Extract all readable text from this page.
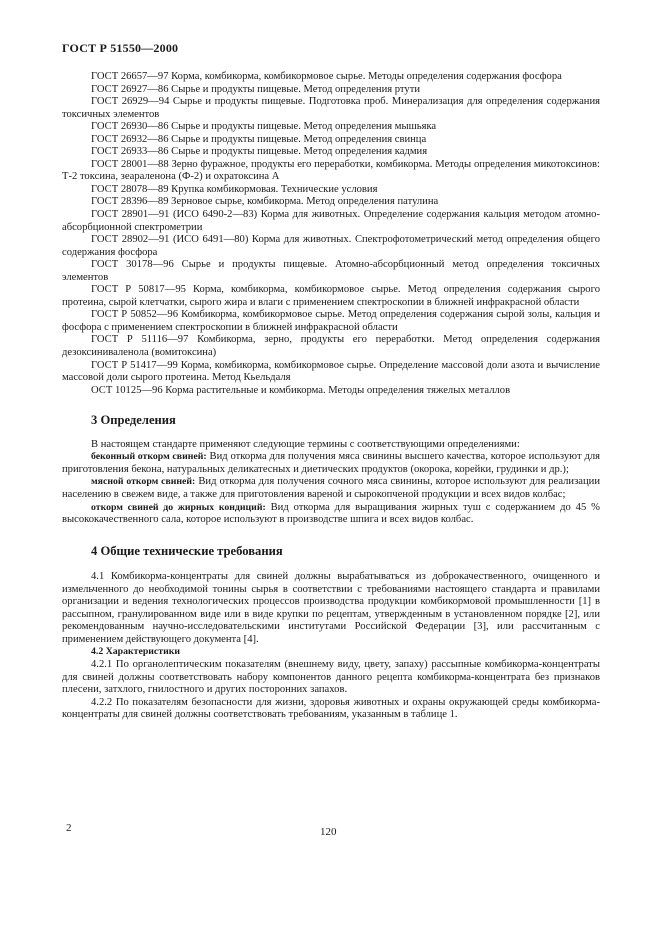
ГОСТ Р 51550—2000

ГОСТ 26657—97 Корма, комбикорма, комбикормовое сырье. Методы определения содержания фосфора

ГОСТ 26927—86 Сырье и продукты пищевые. Метод определения ртути

ГОСТ 26929—94 Сырье и продукты пищевые. Подготовка проб. Минерализация для определения содержания токсичных элементов

ГОСТ 26930—86 Сырье и продукты пищевые. Метод определения мышьяка

ГОСТ 26932—86 Сырье и продукты пищевые. Метод определения свинца

ГОСТ 26933—86 Сырье и продукты пищевые. Метод определения кадмия

ГОСТ 28001—88 Зерно фуражное, продукты его переработки, комбикорма. Методы определения микотоксинов: Т-2 токсина, зеараленона (Ф-2) и охратоксина А

ГОСТ 28078—89 Крупка комбикормовая. Технические условия

ГОСТ 28396—89 Зерновое сырье, комбикорма. Метод определения патулина

ГОСТ 28901—91 (ИСО 6490-2—83) Корма для животных. Определение содержания кальция методом атомно-абсорбционной спектрометрии

ГОСТ 28902—91 (ИСО 6491—80) Корма для животных. Спектрофотометрический метод определения общего содержания фосфора

ГОСТ 30178—96 Сырье и продукты пищевые. Атомно-абсорбционный метод определения токсичных элементов

ГОСТ Р 50817—95 Корма, комбикорма, комбикормовое сырье. Метод определения содержания сырого протеина, сырой клетчатки, сырого жира и влаги с применением спектроскопии в ближней инфракрасной области

ГОСТ Р 50852—96 Комбикорма, комбикормовое сырье. Метод определения содержания сырой золы, кальция и фосфора с применением спектроскопии в ближней инфракрасной области

ГОСТ Р 51116—97 Комбикорма, зерно, продукты его переработки. Метод определения содержания дезоксиниваленола (вомитоксина)

ГОСТ Р 51417—99 Корма, комбикорма, комбикормовое сырье. Определение массовой доли азота и вычисление массовой доли сырого протеина. Метод Кьельдаля

ОСТ 10125—96 Корма растительные и комбикорма. Методы определения тяжелых металлов

3 Определения

В настоящем стандарте применяют следующие термины с соответствующими определениями:

беконный откорм свиней: Вид откорма для получения мяса свинины высшего качества, которое используют для приготовления бекона, натуральных деликатесных и диетических продуктов (окорока, корейки, грудинки и др.);

мясной откорм свиней: Вид откорма для получения сочного мяса свинины, которое используют для реализации населению в свежем виде, а также для приготовления вареной и сырокопченой продукции и всех видов колбас;

откорм свиней до жирных кондиций: Вид откорма для выращивания жирных туш с содержанием до 45 % высококачественного сала, которое используют в производстве шпига и всех видов колбас.

4 Общие технические требования

4.1 Комбикорма-концентраты для свиней должны вырабатываться из доброкачественного, очищенного и измельченного до необходимой тонины сырья в соответствии с требованиями настоящего стандарта и правилами организации и ведения технологических процессов производства продукции комбикормовой промышленности [1] в рассыпном, гранулированном виде или в виде крупки по рецептам, утвержденным в установленном порядке [2], или рекомендованным научно-исследовательскими институтами Российской Федерации [3], или рассчитанным с применением действующего документа [4].

4.2 Характеристики

4.2.1 По органолептическим показателям (внешнему виду, цвету, запаху) рассыпные комбикорма-концентраты для свиней должны соответствовать набору компонентов данного рецепта комбикорма-концентрата без признаков плесени, затхлого, гнилостного и других посторонних запахов.

4.2.2 По показателям безопасности для жизни, здоровья животных и охраны окружающей среды комбикорма-концентраты для свиней должны соответствовать требованиям, указанным в таблице 1.

2	120
